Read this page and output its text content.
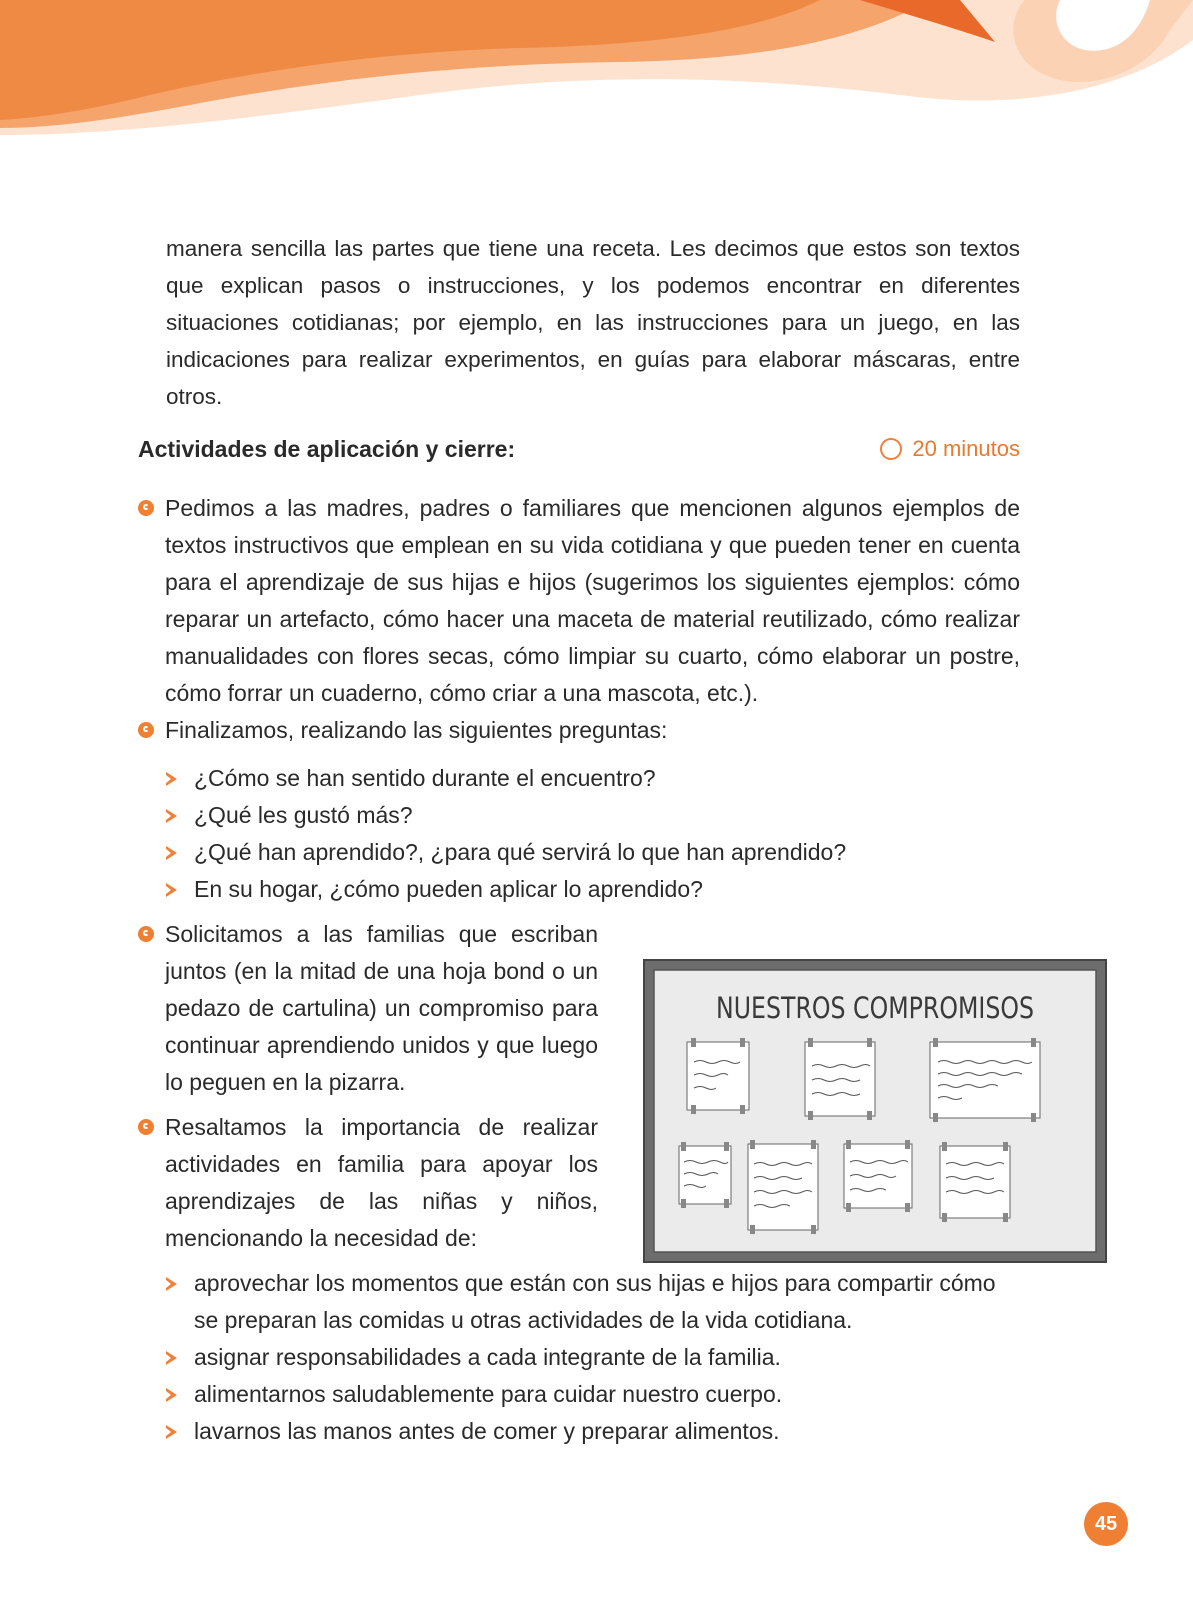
manera sencilla las partes que tiene una receta. Les decimos que estos son textos que explican pasos o instrucciones, y los podemos encontrar en diferentes situaciones cotidianas; por ejemplo, en las instrucciones para un juego, en las indicaciones para realizar experimentos, en guías para elaborar máscaras, entre otros.

Actividades de aplicación y cierre:	20 minutos

Pedimos a las madres, padres o familiares que mencionen algunos ejemplos de textos instructivos que emplean en su vida cotidiana y que pueden tener en cuenta para el aprendizaje de sus hijas e hijos (sugerimos los siguientes ejemplos: cómo reparar un artefacto, cómo hacer una maceta de material reutilizado, cómo realizar manualidades con flores secas, cómo limpiar su cuarto, cómo elaborar un postre, cómo forrar un cuaderno, cómo criar a una mascota, etc.).

Finalizamos, realizando las siguientes preguntas:

¿Cómo se han sentido durante el encuentro?
¿Qué les gustó más?
¿Qué han aprendido?, ¿para qué servirá lo que han aprendido?
En su hogar, ¿cómo pueden aplicar lo aprendido?

Solicitamos a las familias que escriban juntos (en la mitad de una hoja bond o un pedazo de cartulina) un compromiso para continuar aprendiendo unidos y que luego lo peguen en la pizarra.

Resaltamos la importancia de realizar actividades en familia para apoyar los aprendizajes de las niñas y niños, mencionando la necesidad de:

NUESTROS COMPROMISOS
aprovechar los momentos que están con sus hijas e hijos para compartir cómo se preparan las comidas u otras actividades de la vida cotidiana.
asignar responsabilidades a cada integrante de la familia.
alimentarnos saludablemente para cuidar nuestro cuerpo.
lavarnos las manos antes de comer y preparar alimentos.
45
